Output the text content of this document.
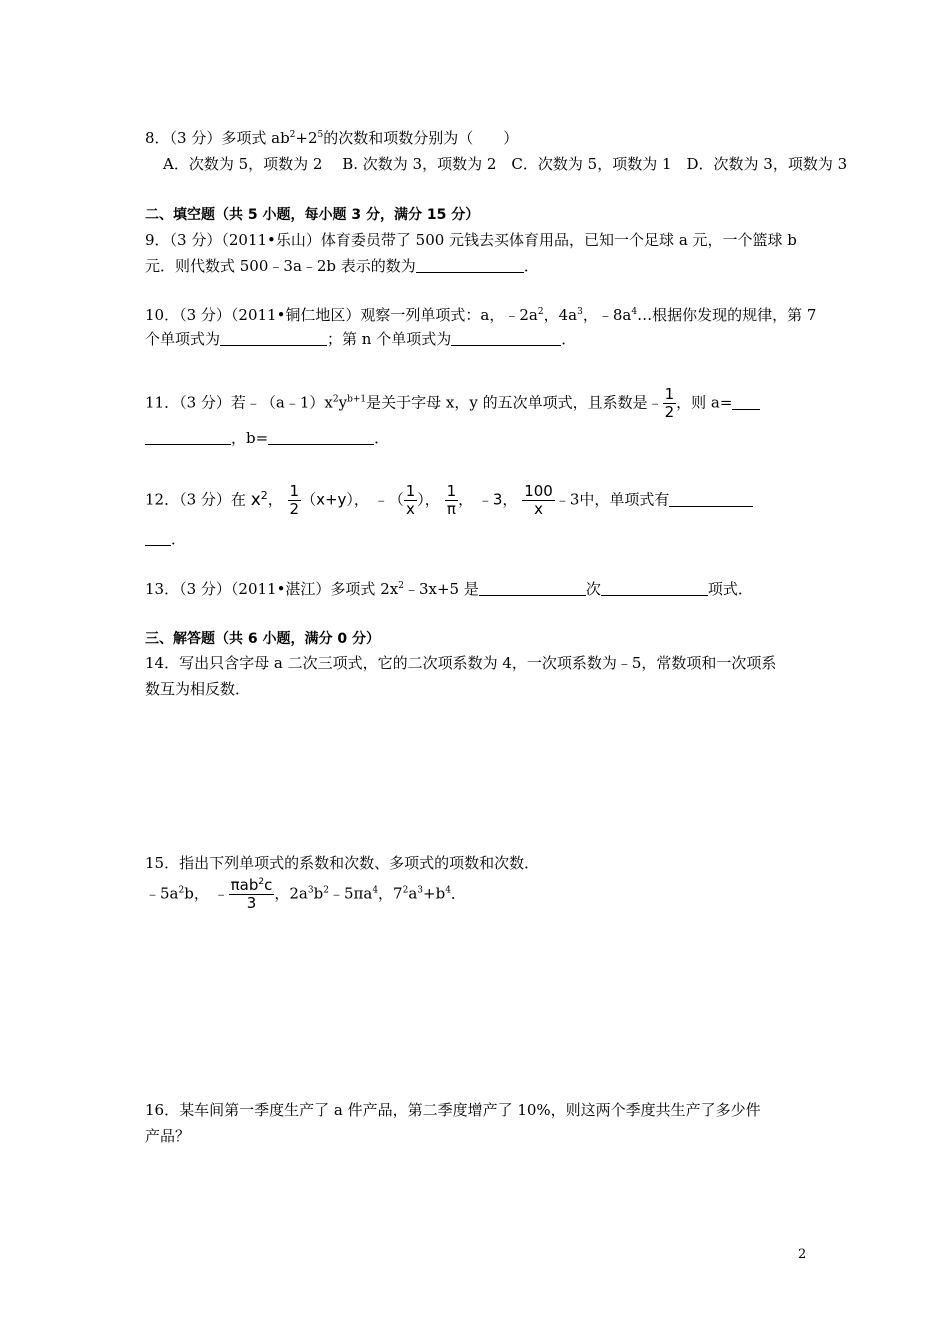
8．（3 分）多项式 $ab^2+2^5$的次数和项数分别为（　　）
A．次数为 5，项数为 2　 B. 次数为 3，项数为 2　C．次数为 5，项数为 1　D．次数为 3，项数为 3
二、填空题（共 5 小题，每小题 3 分，满分 15 分）
9．（3 分）（2011•乐山）体育委员带了 500 元钱去买体育用品，已知一个足球 a 元，一个篮球 b
元．则代数式 500﹣3a﹣2b 表示的数为	．
10．（3 分）（2011•铜仁地区）观察一列单项式：a，$﹣2a^2$，$4a^3$，$﹣8a^4\dots$根据你发现的规律，第 7
个单项式为	；第 n 个单项式为	．
11．（3 分）若$﹣(a﹣1)x^2y^{b+1}$是关于字母 x，y 的五次单项式，且系数是﹣ $\frac{1}{2}$ ，则 a=
，b=	．
12．（3 分）在 $x^2$， $\frac{1}{2} (x+y)$， ﹣（ $\frac{1}{x}$ ）， $\frac{1}{\pi}$ ， ﹣3， $\frac{100}{x}$ ﹣3中，单项式有
．
13．（3 分）（2011•湛江）多项式 $2x^2﹣3x+5$ 是	次	项式．
三、解答题（共 6 小题，满分 0 分）
14．写出只含字母 a 二次三项式，它的二次项系数为 4，一次项系数为﹣5，常数项和一次项系
数互为相反数．
15．指出下列单项式的系数和次数、多项式的项数和次数．
$﹣5a^2b$， ﹣ $\frac{\pi ab^2c}{3}$ ，$2a^3b^2﹣5\pi a^4$，$7^2a^3+b^4$．
16．某车间第一季度生产了 a 件产品，第二季度增产了 10%，则这两个季度共生产了多少件
产品？
2
